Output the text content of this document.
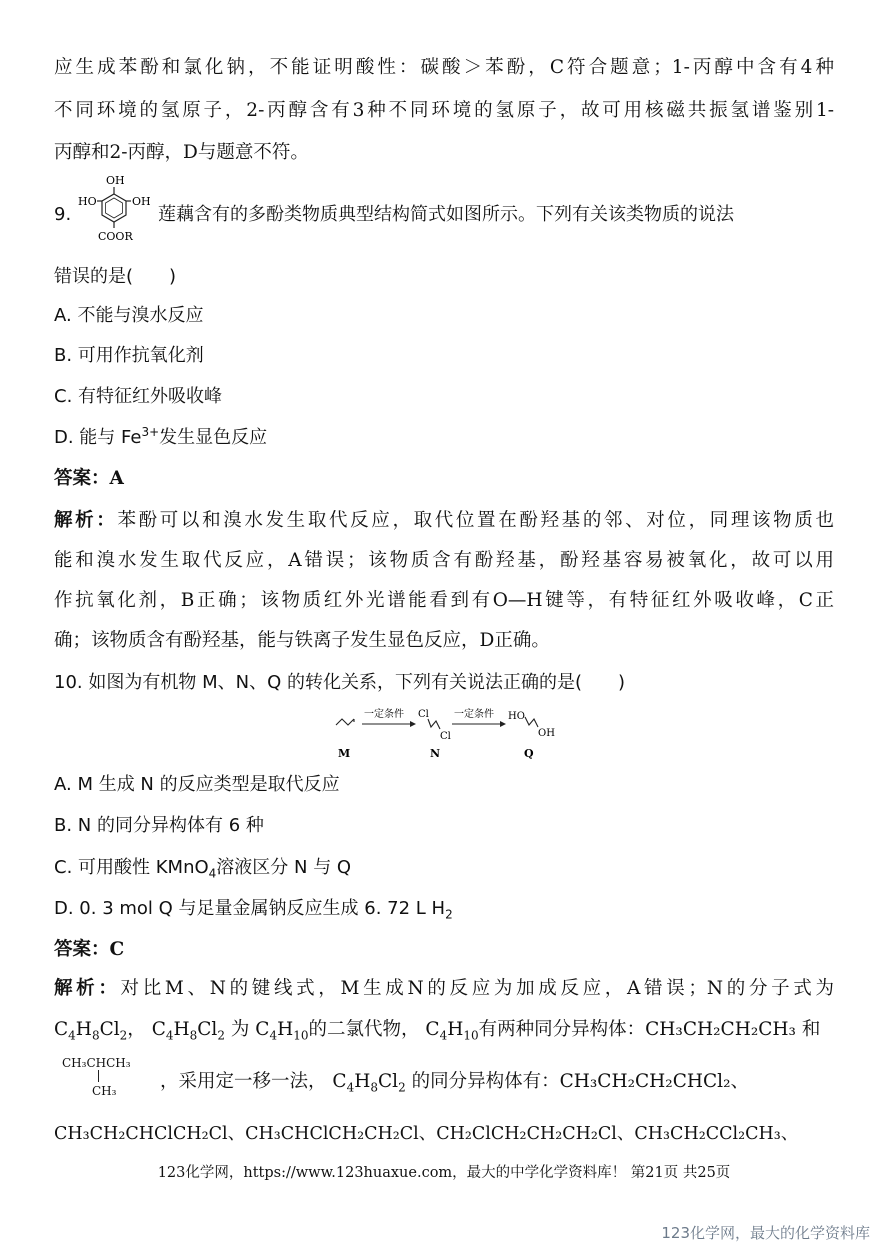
应生成苯酚和氯化钠，不能证明酸性：碳酸＞苯酚，C符合题意；1-丙醇中含有4种
不同环境的氢原子，2-丙醇含有3种不同环境的氢原子，故可用核磁共振氢谱鉴别1-
丙醇和2-丙醇，D与题意不符。
9.
OH
HO	OH
COOR
莲藕含有的多酚类物质典型结构简式如图所示。下列有关该类物质的说法
错误的是(　　)
A. 不能与溴水反应
B. 可用作抗氧化剂
C. 有特征红外吸收峰
D. 能与 $Fe^{3+}$发生显色反应
答案：A
解析：苯酚可以和溴水发生取代反应，取代位置在酚羟基的邻、对位，同理该物质也
能和溴水发生取代反应，A错误；该物质含有酚羟基，酚羟基容易被氧化，故可以用
作抗氧化剂，B正确；该物质红外光谱能看到有O—H键等，有特征红外吸收峰，C正
确；该物质含有酚羟基，能与铁离子发生显色反应，D正确。
10. 如图为有机物 M、N、Q 的转化关系，下列有关说法正确的是(　　)
一定条件 Cl
Cl
一定条件 HO
OH
M	N	Q
A. M 生成 N 的反应类型是取代反应
B. N 的同分异构体有 6 种
C. 可用酸性 KMnO$_4$溶液区分 N 与 Q
D. 0. 3 mol Q 与足量金属钠反应生成 6. 72 L $H_2$
答案：C
解析：对比M、N的键线式，M生成N的反应为加成反应，A错误；N的分子式为
$C_4H_8Cl_2$， $C_4H_8Cl_2$ 为 $C_4H_{10}$的二氯代物， $C_4H_{10}$有两种同分异构体：CH₃CH₂CH₂CH₃ 和
CH₃CHCH₃
CH₃	，采用定一移一法， $C_4H_8Cl_2$ 的同分异构体有：CH₃CH₂CH₂CHCl₂、
CH₃CH₂CHClCH₂Cl、CH₃CHClCH₂CH₂Cl、CH₂ClCH₂CH₂CH₂Cl、CH₃CH₂CCl₂CH₃、
123化学网，https://www.123huaxue.com，最大的中学化学资料库！ 第21页 共25页
123化学网，最大的化学资料库
